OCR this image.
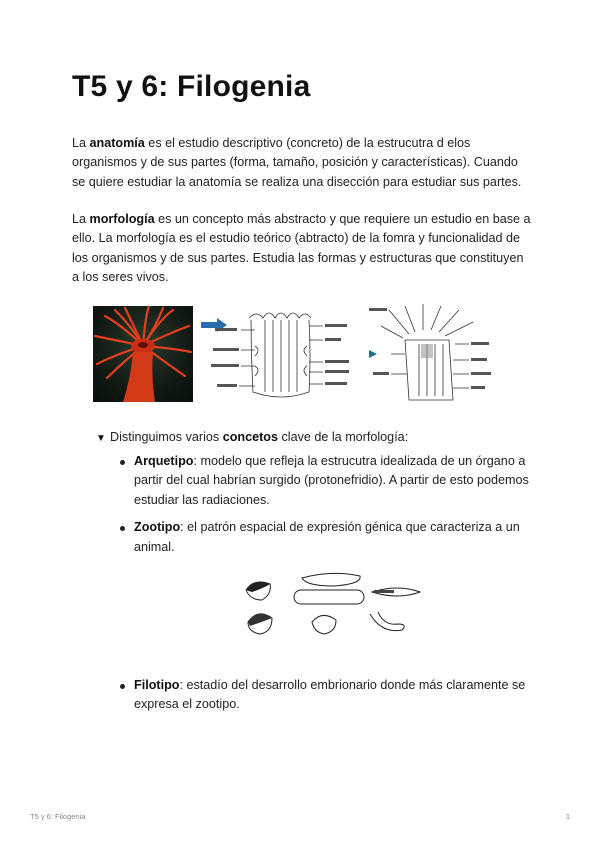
T5 y 6: Filogenia

La anatomía es el estudio descriptivo (concreto) de la estrucutra d elos organismos y de sus partes (forma, tamaño, posición y características). Cuando se quiere estudiar la anatomía se realiza una disección para estudiar sus partes.

La morfología es un concepto más abstracto y que requiere un estudio en base a ello. La morfología es el estudio teórico (abtracto) de la fomra y funcionalidad de los organismos y de sus partes. Estudia las formas y estructuras que constituyen a los seres vivos.

▼ Distinguimos varios concetos clave de la morfología:
Arquetipo: modelo que refleja la estrucutra idealizada de un órgano a partir del cual habrían surgido (protonefridio). A partir de esto podemos estudiar las radiaciones.
Zootipo: el patrón espacial de expresión génica que caracteriza a un animal.
Filotipo: estadío del desarrollo embrionario donde más claramente se expresa el zootipo.
T5 y 6: Filogenia	1
